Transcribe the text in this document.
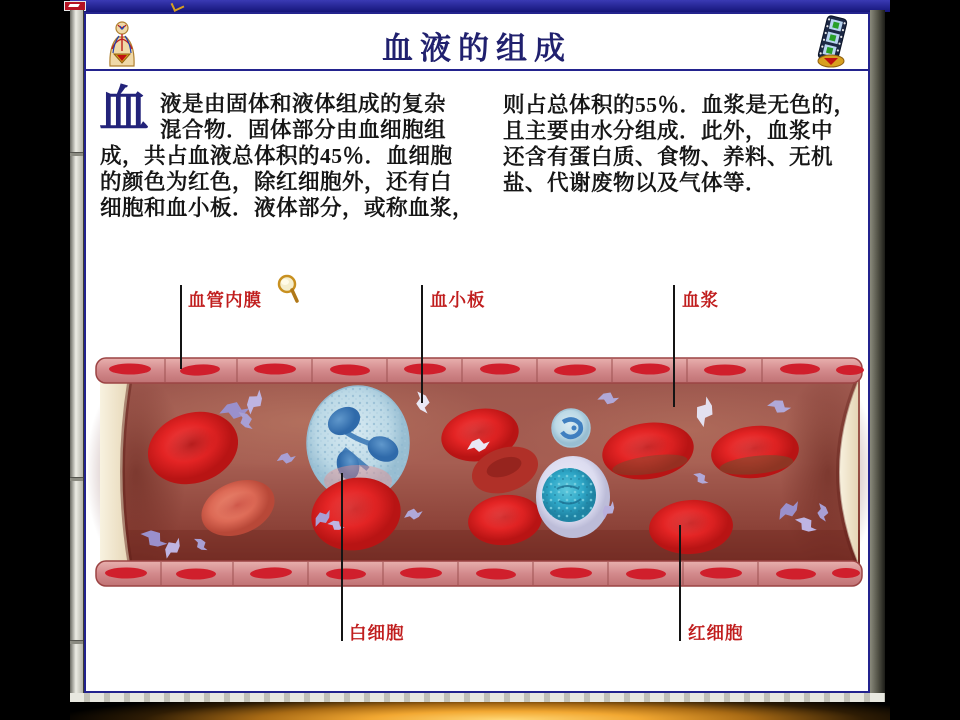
血液的组成
血 液是由固体和液体组成的复杂
混合物．固体部分由血细胞组
成，共占血液总体积的45％．血细胞
的颜色为红色，除红细胞外，还有白
细胞和血小板．液体部分，或称血浆，
则占总体积的55％．血浆是无色的，
且主要由水分组成．此外，血浆中
还含有蛋白质、食物、养料、无机
盐、代谢废物以及气体等．
血管内膜	血小板	血浆
白细胞	红细胞
